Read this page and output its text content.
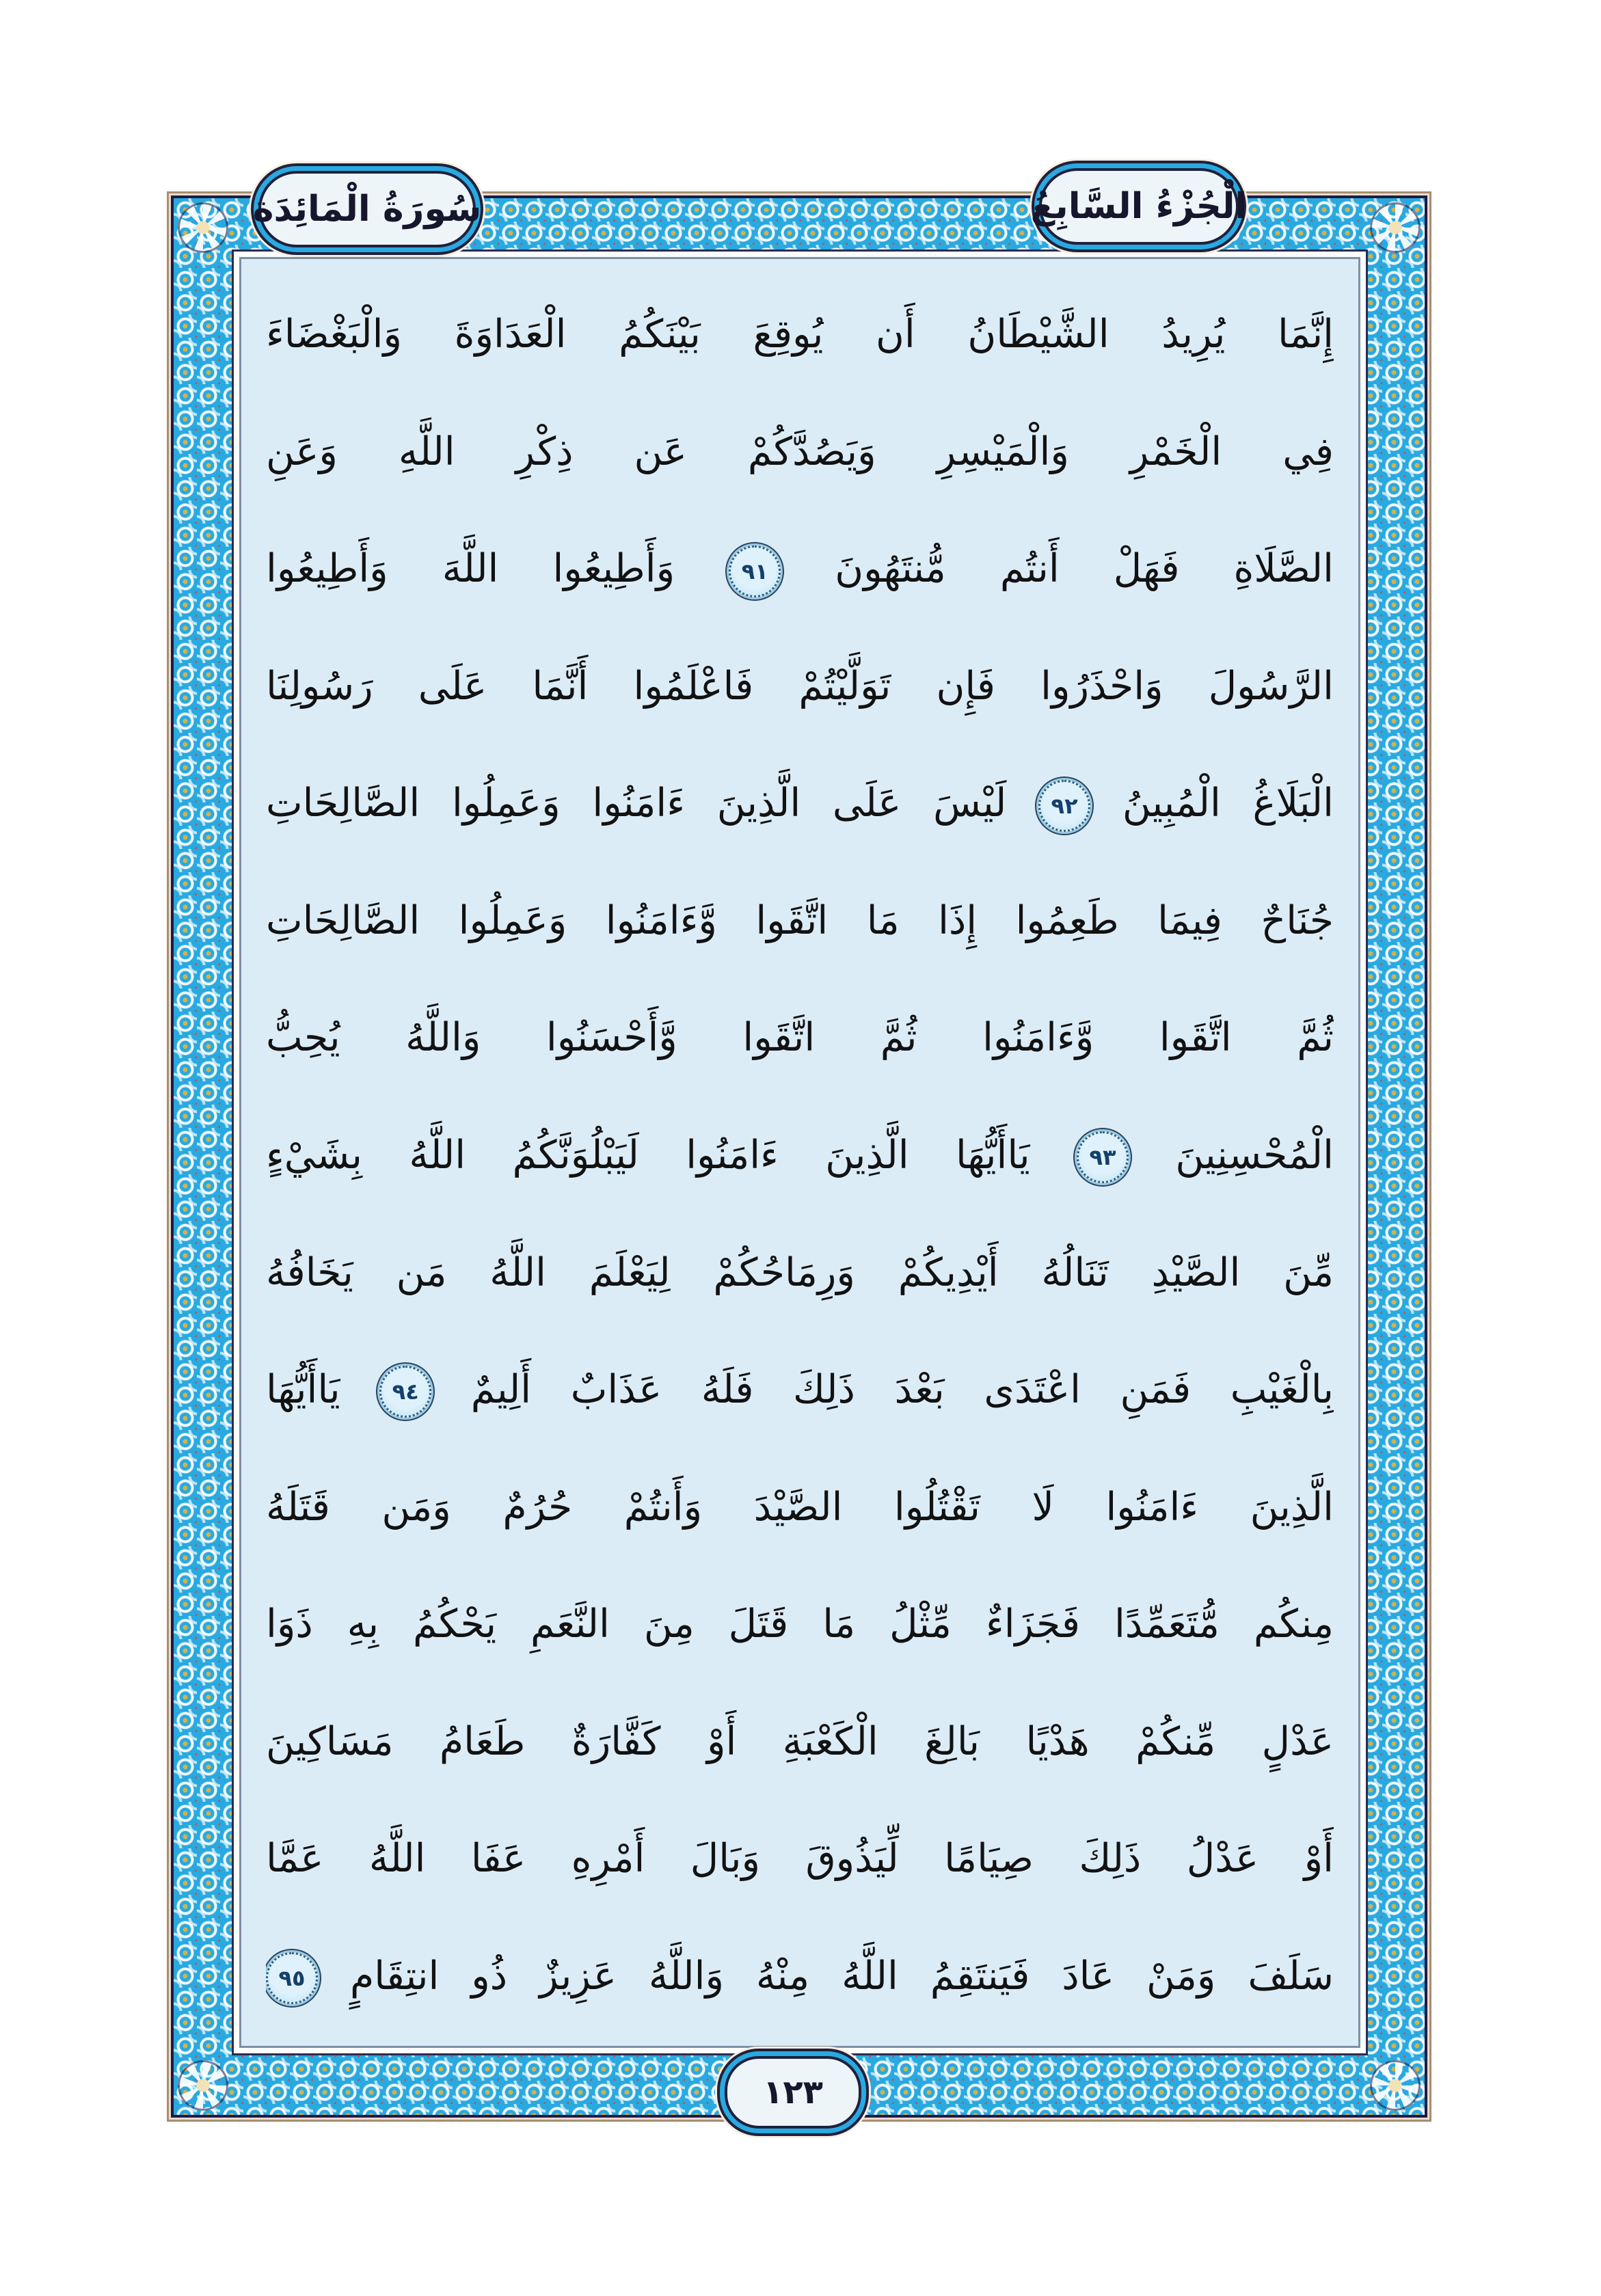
إِنَّمَا يُرِيدُ الشَّيْطَانُ أَن يُوقِعَ بَيْنَكُمُ الْعَدَاوَةَ وَالْبَغْضَاءَ
فِي الْخَمْرِ وَالْمَيْسِرِ وَيَصُدَّكُمْ عَن ذِكْرِ اللَّهِ وَعَنِ
الصَّلَاةِ فَهَلْ أَنتُم مُّنتَهُونَ
٩١
وَأَطِيعُوا اللَّهَ وَأَطِيعُوا
الرَّسُولَ وَاحْذَرُوا فَإِن تَوَلَّيْتُمْ فَاعْلَمُوا أَنَّمَا عَلَى رَسُولِنَا
الْبَلَاغُ الْمُبِينُ
٩٢
لَيْسَ عَلَى الَّذِينَ ءَامَنُوا وَعَمِلُوا الصَّالِحَاتِ
جُنَاحٌ فِيمَا طَعِمُوا إِذَا مَا اتَّقَوا وَّءَامَنُوا وَعَمِلُوا الصَّالِحَاتِ
ثُمَّ اتَّقَوا وَّءَامَنُوا ثُمَّ اتَّقَوا وَّأَحْسَنُوا وَاللَّهُ يُحِبُّ
الْمُحْسِنِينَ
٩٣
يَاأَيُّهَا الَّذِينَ ءَامَنُوا لَيَبْلُوَنَّكُمُ اللَّهُ بِشَيْءٍ
مِّنَ الصَّيْدِ تَنَالُهُ أَيْدِيكُمْ وَرِمَاحُكُمْ لِيَعْلَمَ اللَّهُ مَن يَخَافُهُ
بِالْغَيْبِ فَمَنِ اعْتَدَى بَعْدَ ذَلِكَ فَلَهُ عَذَابٌ أَلِيمٌ
٩٤
يَاأَيُّهَا
الَّذِينَ ءَامَنُوا لَا تَقْتُلُوا الصَّيْدَ وَأَنتُمْ حُرُمٌ وَمَن قَتَلَهُ
مِنكُم مُّتَعَمِّدًا فَجَزَاءٌ مِّثْلُ مَا قَتَلَ مِنَ النَّعَمِ يَحْكُمُ بِهِ ذَوَا
عَدْلٍ مِّنكُمْ هَدْيًا بَالِغَ الْكَعْبَةِ أَوْ كَفَّارَةٌ طَعَامُ مَسَاكِينَ
أَوْ عَدْلُ ذَلِكَ صِيَامًا لِّيَذُوقَ وَبَالَ أَمْرِهِ عَفَا اللَّهُ عَمَّا
سَلَفَ وَمَنْ عَادَ فَيَنتَقِمُ اللَّهُ مِنْهُ وَاللَّهُ عَزِيزٌ ذُو انتِقَامٍ
٩٥
سُورَةُ الْمَائِدَة	الْجُزْءُ السَّابِعُ
١٢٣
